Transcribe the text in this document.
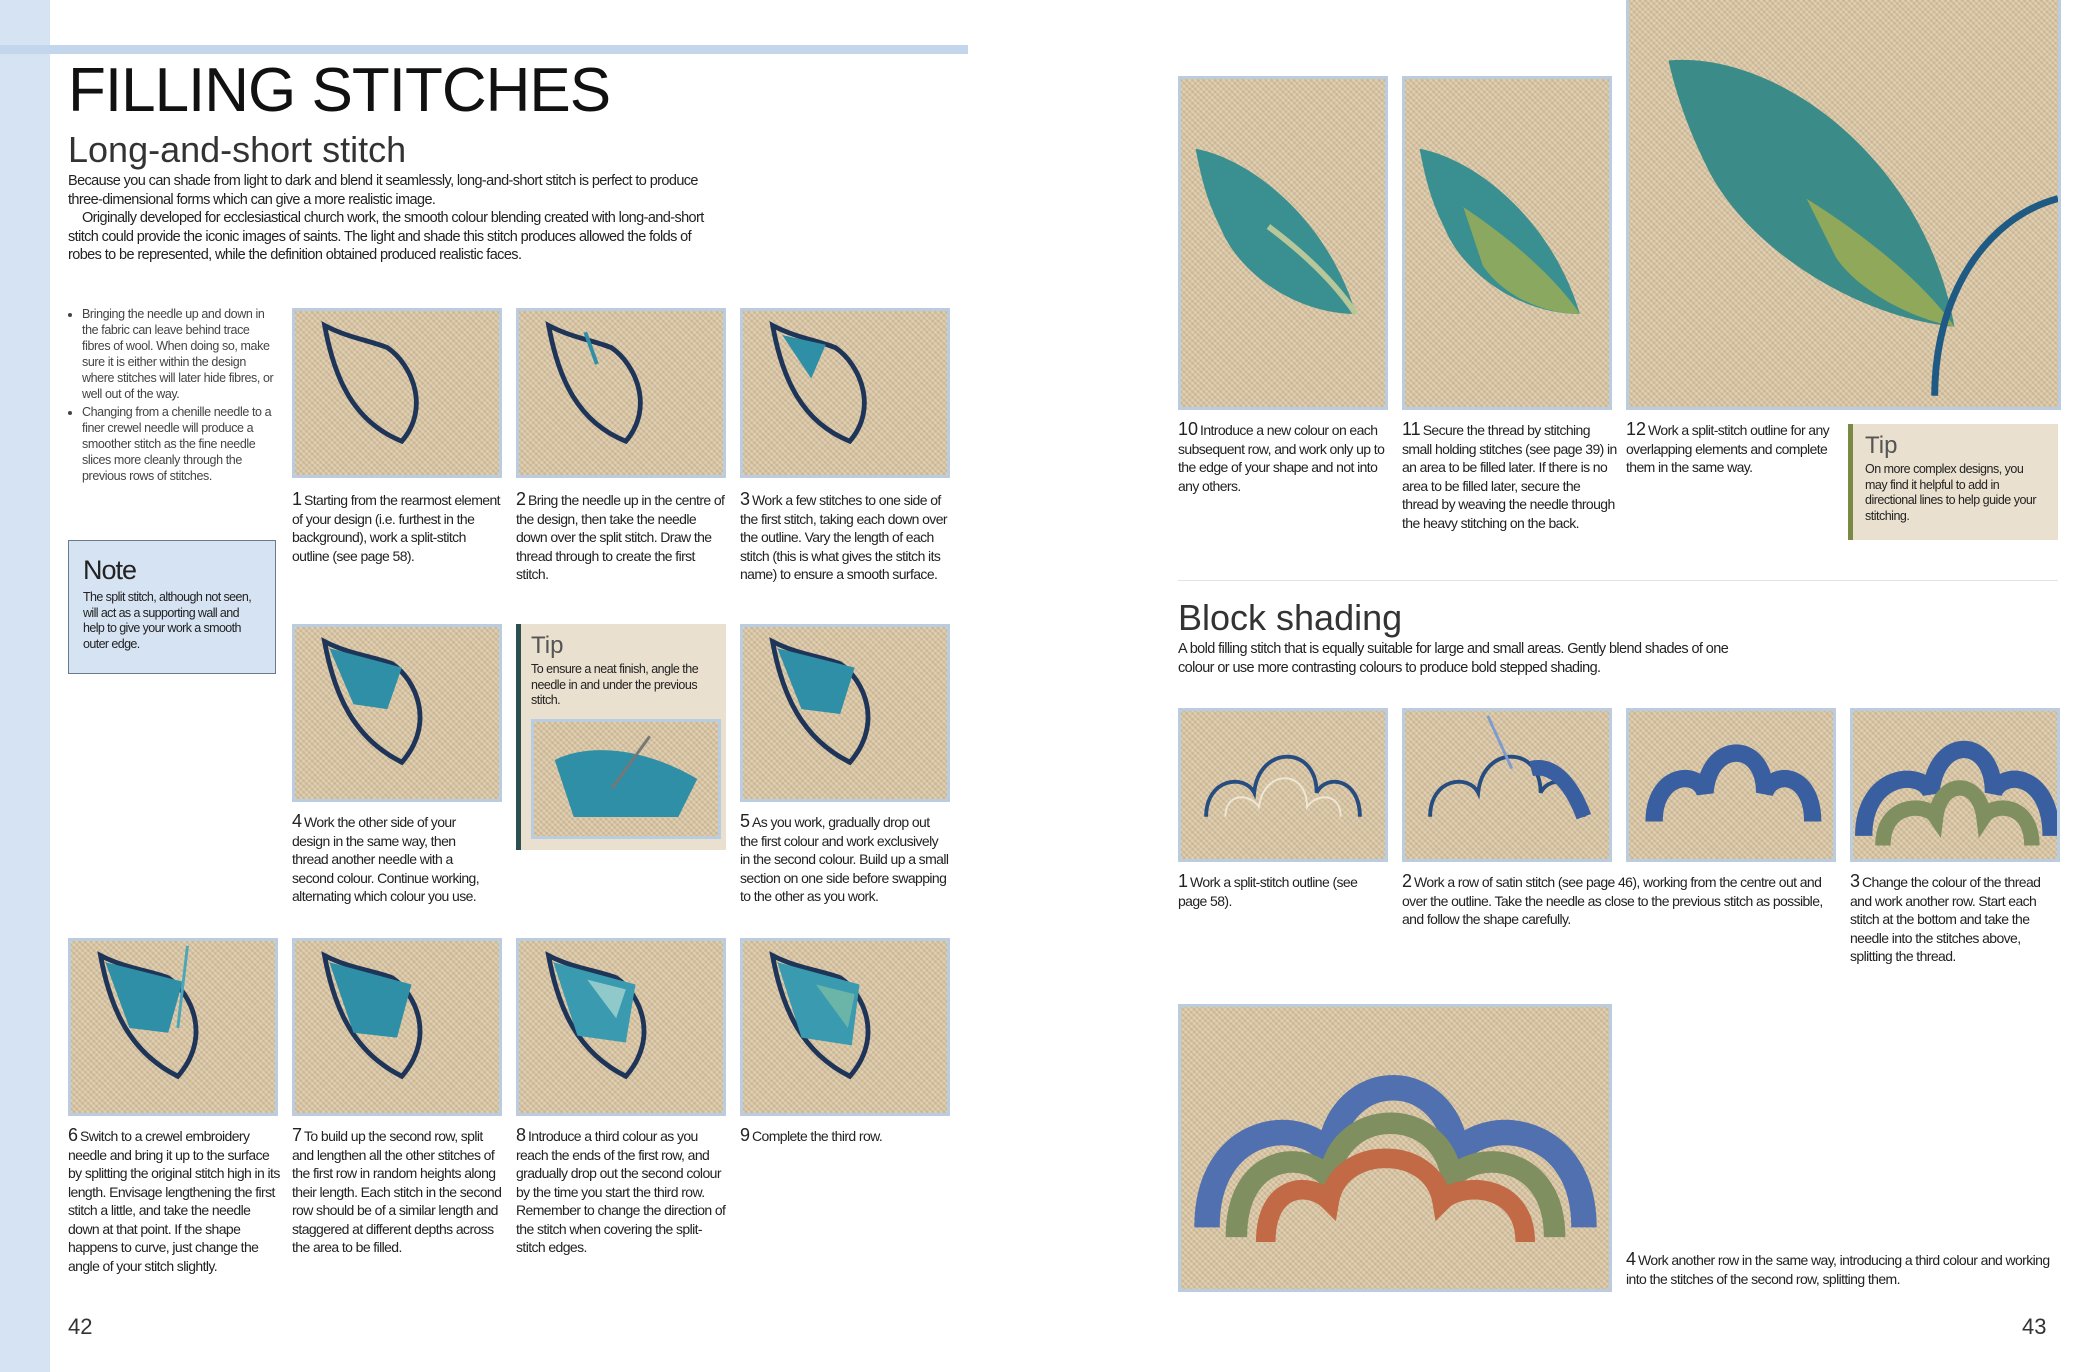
FILLING STITCHES
Long-and-short stitch

Because you can shade from light to dark and blend it seamlessly, long-and-short stitch is perfect to produce three-dimensional forms which can give a more realistic image.

Originally developed for ecclesiastical church work, the smooth colour blending created with long-and-short stitch could provide the iconic images of saints. The light and shade this stitch produces allowed the folds of robes to be represented, while the definition obtained produced realistic faces.

• Bringing the needle up and down in the fabric can leave behind trace fibres of wool. When doing so, make sure it is either within the design where stitches will later hide fibres, or well out of the way.
• Changing from a chenille needle to a finer crewel needle will produce a smoother stitch as the fine needle slices more cleanly through the previous rows of stitches.
Note
The split stitch, although not seen, will act as a supporting wall and help to give your work a smooth outer edge.
1 Starting from the rearmost element of your design (i.e. furthest in the background), work a split-stitch outline (see page 58).
2 Bring the needle up in the centre of the design, then take the needle down over the split stitch. Draw the thread through to create the first stitch.
3 Work a few stitches to one side of the first stitch, taking each down over the outline. Vary the length of each stitch (this is what gives the stitch its name) to ensure a smooth surface.
4 Work the other side of your design in the same way, then thread another needle with a second colour. Continue working, alternating which colour you use.
Tip
To ensure a neat finish, angle the needle in and under the previous stitch.
5 As you work, gradually drop out the first colour and work exclusively in the second colour. Build up a small section on one side before swapping to the other as you work.
6 Switch to a crewel embroidery needle and bring it up to the surface by splitting the original stitch high in its length. Envisage lengthening the first stitch a little, and take the needle down at that point. If the shape happens to curve, just change the angle of your stitch slightly.
7 To build up the second row, split and lengthen all the other stitches of the first row in random heights along their length. Each stitch in the second row should be of a similar length and staggered at different depths across the area to be filled.
8 Introduce a third colour as you reach the ends of the first row, and gradually drop out the second colour by the time you start the third row. Remember to change the direction of the stitch when covering the split-stitch edges.
9 Complete the third row.
42
10 Introduce a new colour on each subsequent row, and work only up to the edge of your shape and not into any others.
11 Secure the thread by stitching small holding stitches (see page 39) in an area to be filled later. If there is no area to be filled later, secure the thread by weaving the needle through the heavy stitching on the back.
12 Work a split-stitch outline for any overlapping elements and complete them in the same way.
Tip
On more complex designs, you may find it helpful to add in directional lines to help guide your stitching.
Block shading
A bold filling stitch that is equally suitable for large and small areas. Gently blend shades of one colour or use more contrasting colours to produce bold stepped shading.
1 Work a split-stitch outline (see page 58).
2 Work a row of satin stitch (see page 46), working from the centre out and over the outline. Take the needle as close to the previous stitch as possible, and follow the shape carefully.
3 Change the colour of the thread and work another row. Start each stitch at the bottom and take the needle into the stitches above, splitting the thread.
4 Work another row in the same way, introducing a third colour and working into the stitches of the second row, splitting them.
43
